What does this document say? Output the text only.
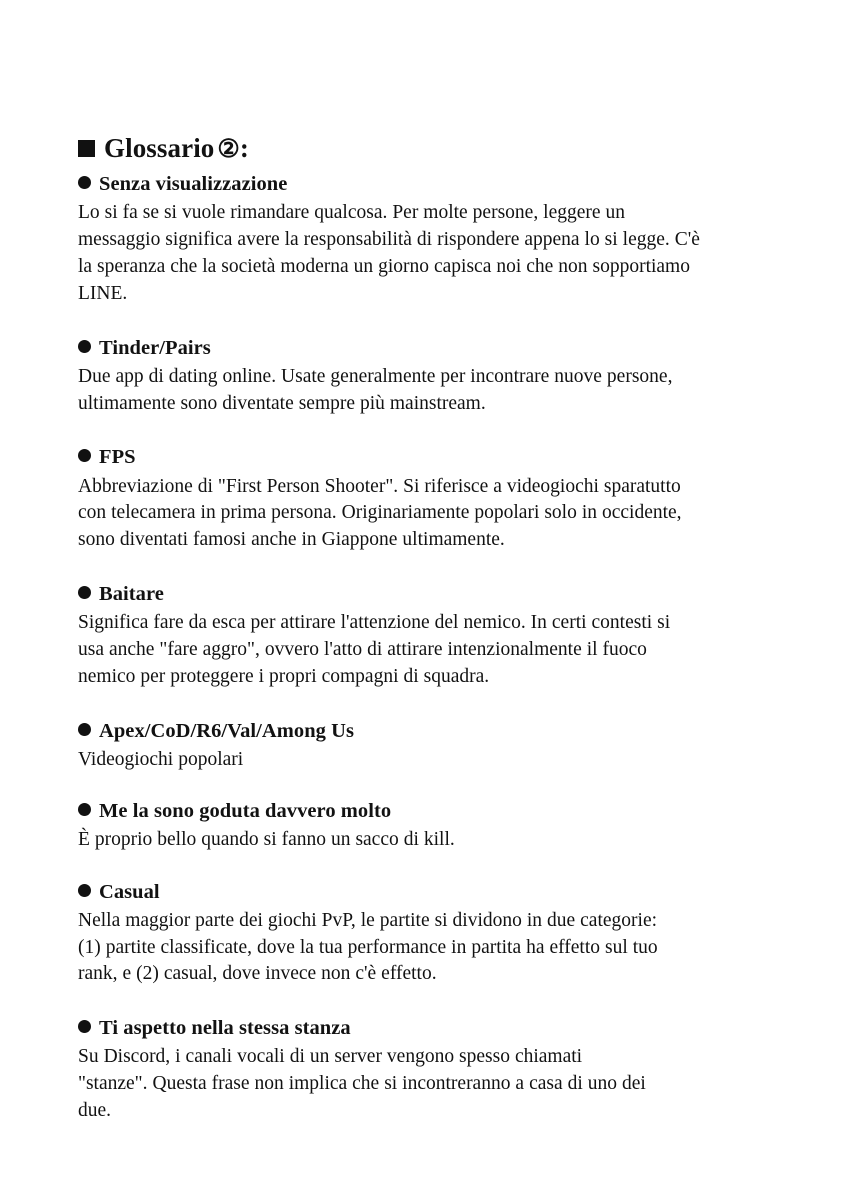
Glossario ② :
Senza visualizzazione

Lo si fa se si vuole rimandare qualcosa. Per molte persone, leggere un messaggio significa avere la responsabilità di rispondere appena lo si legge. C'è la speranza che la società moderna un giorno capisca noi che non sopportiamo LINE.

Tinder/Pairs

Due app di dating online. Usate generalmente per incontrare nuove persone, ultimamente sono diventate sempre più mainstream.

FPS

Abbreviazione di "First Person Shooter". Si riferisce a videogiochi sparatutto con telecamera in prima persona. Originariamente popolari solo in occidente, sono diventati famosi anche in Giappone ultimamente.

Baitare

Significa fare da esca per attirare l'attenzione del nemico. In certi contesti si usa anche "fare aggro", ovvero l'atto di attirare intenzionalmente il fuoco nemico per proteggere i propri compagni di squadra.

Apex/CoD/R6/Val/Among Us

Videogiochi popolari

Me la sono goduta davvero molto

È proprio bello quando si fanno un sacco di kill.

Casual

Nella maggior parte dei giochi PvP, le partite si dividono in due categorie: (1) partite classificate, dove la tua performance in partita ha effetto sul tuo rank, e (2) casual, dove invece non c'è effetto.

Ti aspetto nella stessa stanza

Su Discord, i canali vocali di un server vengono spesso chiamati "stanze". Questa frase non implica che si incontreranno a casa di uno dei due.
